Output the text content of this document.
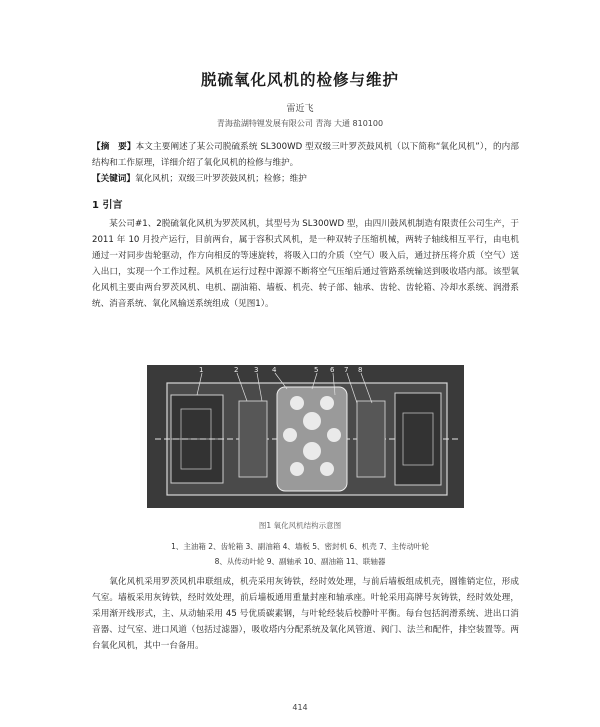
脱硫氧化风机的检修与维护
雷近飞
青海盐湖特锂发展有限公司 青海 大通 810100

【摘　要】本文主要阐述了某公司脱硫系统 SL300WD 型双级三叶罗茨鼓风机（以下简称“氧化风机”），的内部结构和工作原理，详细介绍了氧化风机的检修与维护。

【关键词】氧化风机；双级三叶罗茨鼓风机；检修；维护

1 引言

某公司#1、2脱硫氧化风机为罗茨风机，其型号为 SL300WD 型，由四川鼓风机制造有限责任公司生产，于 2011 年 10 月投产运行，目前两台，属于容积式风机，是一种双转子压缩机械，两转子轴线相互平行，由电机通过一对同步齿轮驱动，作方向相反的等速旋转，将吸入口的介质（空气）吸入后，通过挤压将介质（空气）送入出口，实现一个工作过程。风机在运行过程中源源不断将空气压缩后通过管路系统输送到吸收塔内部。该型氧化风机主要由两台罗茨风机、电机、副油箱、墙板、机壳、转子部、轴承、齿轮、齿轮箱、冷却水系统、润滑系统、消音系统、氧化风输送系统组成（见图1）。

1	2 3 4	5 6 7 8
图1 氧化风机结构示意图
1、主油箱 2、齿轮箱 3、副油箱 4、墙板 5、密封机 6、机壳 7、主传动叶轮
8、从传动叶轮 9、副轴承 10、副油箱 11、联轴器

氧化风机采用罗茨风机串联组成，机壳采用灰铸铁，经时效处理，与前后墙板组成机壳，圆锥销定位，形成气室。墙板采用灰铸铁，经时效处理，前后墙板通用重量封座和轴承座。叶轮采用高牌号灰铸铁，经时效处理，采用渐开线形式，主、从动轴采用 45 号优质碳素钢，与叶轮经装后校静叶平衡。每台包括润滑系统、进出口消音器、过气室、进口风道（包括过滤器），吸收塔内分配系统及氧化风管道、阀门、法兰和配件，排空装置等。两台氧化风机，其中一台备用。

414
